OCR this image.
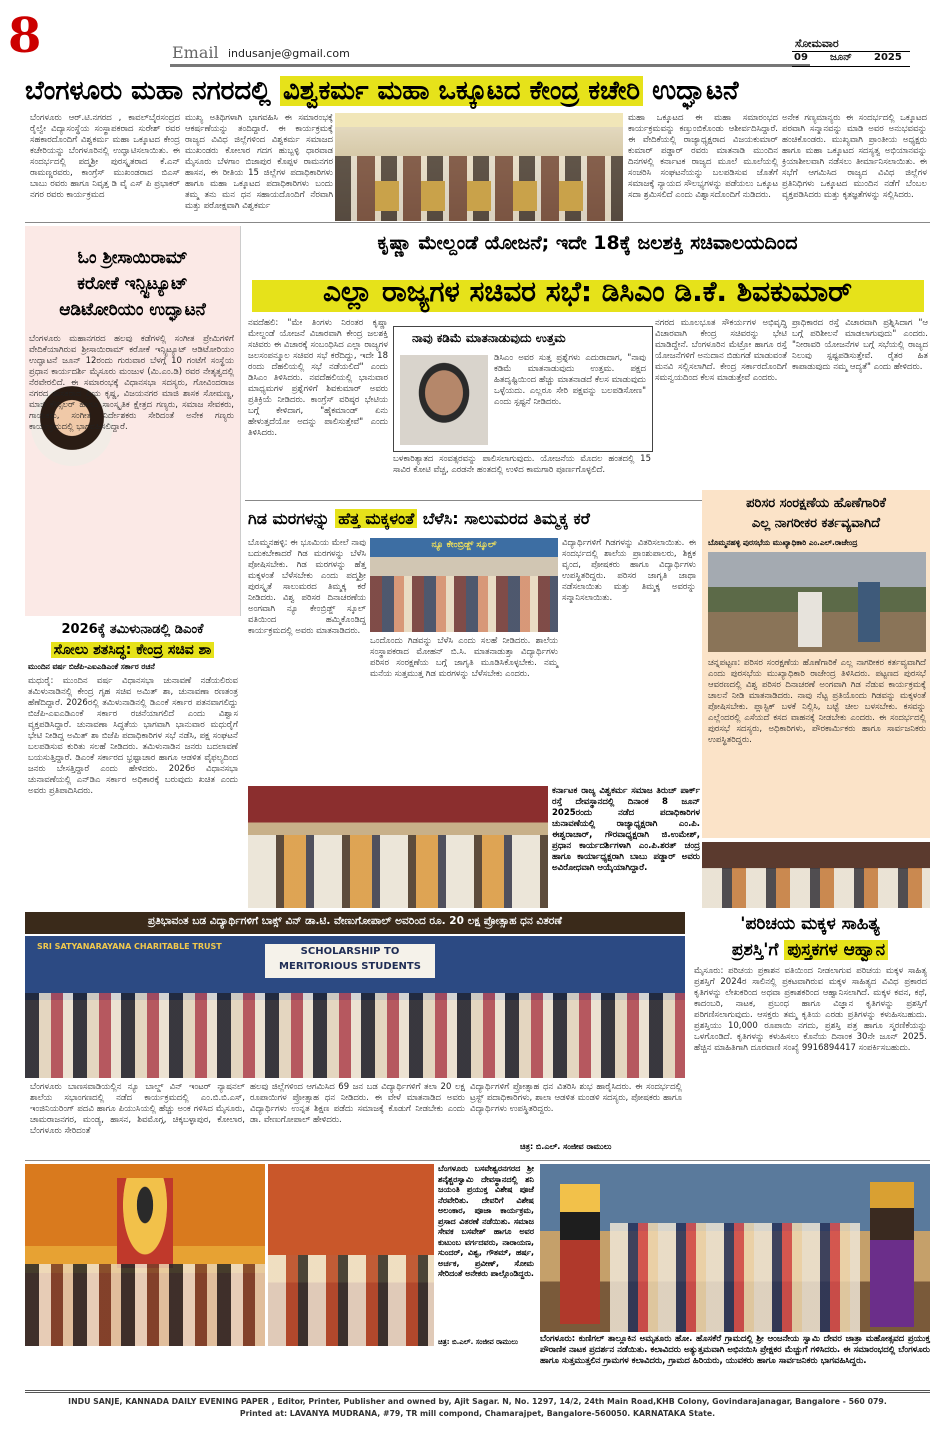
8	Email indusanje@gmail.com
ಸೋಮವಾರ
09 ಜೂನ್ 2025
ಬೆಂಗಳೂರು ಮಹಾ ನಗರದಲ್ಲಿ ವಿಶ್ವಕರ್ಮ ಮಹಾ ಒಕ್ಕೂಟದ ಕೇಂದ್ರ ಕಚೇರಿ ಉದ್ಘಾಟನೆ
ಬೆಂಗಳೂರು ಆರ್.ಟಿ.ನಗರದ , ಕಾವಲ್‌ಬೈರಸಂದ್ರದ ರೈಲ್ವೇ ವಿದ್ಯಾಸಂಸ್ಥೆಯ ಸಂಸ್ಥಾಪಕರಾದ ಸುರೇಶ್ ರವರ ಸಹಕಾರದೊಂದಿಗೆ ವಿಶ್ವಕರ್ಮ ಮಹಾ ಒಕ್ಕೂಟದ ಕೇಂದ್ರ ಕಚೇರಿಯನ್ನು ಬೆಂಗಳೂರಿನಲ್ಲಿ ಉದ್ಘಾಟಿಸಲಾಯಿತು. ಈ ಸಂದರ್ಭದಲ್ಲಿ ಪದ್ಮಶ್ರೀ ಪುರಸ್ಕೃತರಾದ ಕೆ.ಎನ್ ರಾಮಣ್ಣರವರು, ಕಾಂಗ್ರೆಸ್ ಮುಖಂಡರಾದ ಬಿಎಸ್ ಬಾಬು ರವರು ಹಾಗೂ ನಿವೃತ್ತ ಡಿ ವೈ ಎಸ್ ಪಿ ಪ್ರಭಾಕರ್ ನಗರ ರವರು ಕಾರ್ಯಕ್ರಮದ
ಮುಖ್ಯ ಅತಿಥಿಗಳಾಗಿ ಭಾಗವಹಿಸಿ ಈ ಸಮಾರಂಭಕ್ಕೆ ಆಕರ್ಷಣೆಯನ್ನು ತಂದಿದ್ದಾರೆ. ಈ ಕಾರ್ಯಕ್ರಮಕ್ಕೆ ರಾಜ್ಯದ ವಿವಿಧ ಜಿಲ್ಲೆಗಳಿಂದ ವಿಶ್ವಕರ್ಮ ಸಮಾಜದ ಮುಖಂಡರು ಕೋಲಾರ ಗದಗ ಹುಬ್ಬಳ್ಳಿ ಧಾರವಾಡ ಮೈಸೂರು ಬೆಳಗಾಂ ಬಿಜಾಪುರ ಕೊಪ್ಪಳ ರಾಮನಗರ ಹಾಸನ, ಈ ರೀತಿಯ 15 ಜಿಲ್ಲೆಗಳ ಪದಾಧಿಕಾರಿಗಳು ಹಾಗೂ ಮಹಾ ಒಕ್ಕೂಟದ ಪದಾಧಿಕಾರಿಗಳು ಬಂದು ತಮ್ಮ ತನು ಮನ ಧನ ಸಹಾಯದೊಂದಿಗೆ ನೆರವಾಗಿ ಮತ್ತು ಪರೋಕ್ಷವಾಗಿ ವಿಶ್ವಕರ್ಮ
ಮಹಾ ಒಕ್ಕೂಟದ ಈ ಮಹಾ ಸಮಾರಂಭದ ಕಾರ್ಯಕ್ರಮವನ್ನು ಕಣ್ತುಂಬಿಕೊಂಡು ಆಶೀರ್ವದಿಸಿದ್ದಾರೆ. ಈ ವೇದಿಕೆಯಲ್ಲಿ ರಾಜ್ಯಾಧ್ಯಕ್ಷರಾದ ವಿಜಯಕುಮಾರ್ ಕುಮಾರ್ ಪಡ್ಡಾರ್ ರವರು ಮಾತನಾಡಿ ಮುಂದಿನ ದಿನಗಳಲ್ಲಿ ಕರ್ನಾಟಕ ರಾಜ್ಯದ ಮೂಲೆ ಮೂಲೆಯಲ್ಲಿ ಸಂಚರಿಸಿ ಸಂಘಟನೆಯನ್ನು ಬಲಪಡಿಸುವ ಜೊತೆಗೆ ಸಮಾಜಕ್ಕೆ ನ್ಯಾಯದ ಸೌಲಭ್ಯಗಳನ್ನು ಪಡೆಯಲು ಒಕ್ಕೂಟ ಸದಾ ಶ್ರಮಿಸಲಿದೆ ಎಂದು ವಿಶ್ವಾಸದೊಂದಿಗೆ ನುಡಿದರು.
ಅನೇಕ ಗಣ್ಯಮಾನ್ಯರು ಈ ಸಂದರ್ಭದಲ್ಲಿ ಒಕ್ಕೂಟದ ಪರವಾಗಿ ಸನ್ಮಾನವನ್ನು ಮಾಡಿ ಅವರ ಅನುಭವವನ್ನು ಹಂಚಿಕೊಂಡರು. ಮುಖ್ಯವಾಗಿ ಪ್ರಾಂತೀಯ ಅಧ್ಯಕ್ಷರು ಹಾಗೂ ಮಹಾ ಒಕ್ಕೂಟದ ಸದಸ್ಯತ್ವ ಅಭಿಯಾನವನ್ನು ಕ್ರಿಯಾಶೀಲವಾಗಿ ನಡೆಸಲು ತೀರ್ಮಾನಿಸಲಾಯಿತು. ಈ ಸಭೆಗೆ ಆಗಮಿಸಿದ ರಾಜ್ಯದ ವಿವಿಧ ಜಿಲ್ಲೆಗಳ ಪ್ರತಿನಿಧಿಗಳು ಒಕ್ಕೂಟದ ಮುಂದಿನ ನಡೆಗೆ ಬೆಂಬಲ ವ್ಯಕ್ತಪಡಿಸಿದರು ಮತ್ತು ಕೃತಜ್ಞತೆಗಳನ್ನು ಸಲ್ಲಿಸಿದರು.
ಓಂ ಶ್ರೀಸಾಯಿರಾಮ್
ಕರೋಕೆ ಇನ್ಸ್ಟಿಟ್ಯೂಟ್
ಆಡಿಟೋರಿಯಂ ಉದ್ಘಾಟನೆ
ಬೆಂಗಳೂರು ಮಹಾನಗರದ ಹಲವು ಕಡೆಗಳಲ್ಲಿ ಸಂಗೀತ ಪ್ರೇಮಿಗಳಿಗೆ ವೇದಿಕೆಯಾಗಿರುವ ಶ್ರೀಸಾಯಿರಾಮ್ ಕರೋಕೆ ಇನ್ಸ್ಟಿಟ್ಯೂಟ್ ಆಡಿಟೋರಿಯಂ ಉದ್ಘಾಟನೆ ಜೂನ್ 12ರಂದು ಗುರುವಾರ ಬೆಳಗ್ಗೆ 10 ಗಂಟೆಗೆ ಸಂಸ್ಥೆಯ ಪ್ರಧಾನ ಕಾರ್ಯದರ್ಶಿ ಮೈಸೂರು ಮಂಜುಳ (ಮಿ.ಎಂ.ಡಿ) ರವರ ನೇತೃತ್ವದಲ್ಲಿ ನೆರವೇರಲಿದೆ. ಈ ಸಮಾರಂಭಕ್ಕೆ ವಿಧಾನಸಭಾ ಸದಸ್ಯರು, ಗೋವಿಂದರಾಜ ನಗರದ ಶಾಸಕರಾದ ಪ್ರಿಯ ಕೃಷ್ಣ, ವಿಜಯನಗರ ಮಾಜಿ ಶಾಸಕ ಸೋಮಣ್ಣ, ಮಾಜಿ ಕೌನ್ಸಿಲರ್ ಹಾಗೂ ಸಾಂಸ್ಕೃತಿಕ ಕ್ಷೇತ್ರದ ಗಣ್ಯರು, ಸಮಾಜ ಸೇವಕರು, ಗಾಯಕರು, ಸಂಗೀತ ನಿರ್ದೇಶಕರು ಸೇರಿದಂತೆ ಅನೇಕ ಗಣ್ಯರು ಕಾರ್ಯಕ್ರಮದಲ್ಲಿ ಭಾಗವಹಿಸಲಿದ್ದಾರೆ.
ಕೃಷ್ಣಾ ಮೇಲ್ದಂಡೆ ಯೋಜನೆ; ಇದೇ 18ಕ್ಕೆ ಜಲಶಕ್ತಿ ಸಚಿವಾಲಯದಿಂದ
ಎಲ್ಲಾ ರಾಜ್ಯಗಳ ಸಚಿವರ ಸಭೆ: ಡಿಸಿಎಂ ಡಿ.ಕೆ. ಶಿವಕುಮಾರ್
ನವದೆಹಲಿ: "ಮೇ ತಿಂಗಳು ನಿರಂತರ ಕೃಷ್ಣಾ ಮೇಲ್ದಂಡೆ ಯೋಜನೆ ವಿಚಾರವಾಗಿ ಕೇಂದ್ರ ಜಲಶಕ್ತಿ ಸಚಿವರು ಈ ವಿಚಾರಕ್ಕೆ ಸಂಬಂಧಿಸಿದ ಎಲ್ಲಾ ರಾಜ್ಯಗಳ ಜಲಸಂಪನ್ಮೂಲ ಸಚಿವರ ಸಭೆ ಕರೆದಿದ್ದು, ಇದೇ 18 ರಂದು ದೆಹಲಿಯಲ್ಲಿ ಸಭೆ ನಡೆಯಲಿದೆ" ಎಂದು ಡಿಸಿಎಂ ತಿಳಿಸಿದರು. ನವದೆಹಲಿಯಲ್ಲಿ ಭಾನುವಾರ ಮಾಧ್ಯಮಗಳ ಪ್ರಶ್ನೆಗಳಿಗೆ ಶಿವಕುಮಾರ್ ಅವರು ಪ್ರತಿಕ್ರಿಯೆ ನೀಡಿದರು. ಕಾಂಗ್ರೆಸ್ ವರಿಷ್ಠರ ಭೇಟಿಯ ಬಗ್ಗೆ ಕೇಳಿದಾಗ, "ಹೈಕಮಾಂಡ್ ಏನು ಹೇಳುತ್ತದೆಯೋ ಅದನ್ನು ಪಾಲಿಸುತ್ತೇವೆ" ಎಂದು ತಿಳಿಸಿದರು.
ನಾವು ಕಡಿಮೆ ಮಾತನಾಡುವುದು ಉತ್ತಮ
ಡಿಸಿಎಂ ಅವರ ಸುತ್ತ ಪ್ರಶ್ನೆಗಳು ಎದುರಾದಾಗ, "ನಾವು ಕಡಿಮೆ ಮಾತನಾಡುವುದು ಉತ್ತಮ. ಪಕ್ಷದ ಹಿತದೃಷ್ಟಿಯಿಂದ ಹೆಚ್ಚು ಮಾತನಾಡದೆ ಕೆಲಸ ಮಾಡುವುದು ಒಳ್ಳೆಯದು. ಎಲ್ಲರೂ ಸೇರಿ ಪಕ್ಷವನ್ನು ಬಲಪಡಿಸೋಣ" ಎಂದು ಸ್ಪಷ್ಟನೆ ನೀಡಿದರು.
ಬಳಕಾರಿತ್ಯಾತದ ಸಂವತ್ಸರವನ್ನು ಪಾಲಿಸಲಾಗುವುದು. ಯೋಜನೆಯ ಮೊದಲ ಹಂತದಲ್ಲಿ 15 ಸಾವಿರ ಕೋಟಿ ವೆಚ್ಚ, ಎರಡನೇ ಹಂತದಲ್ಲಿ ಉಳಿದ ಕಾಮಗಾರಿ ಪೂರ್ಣಗೊಳ್ಳಲಿದೆ.
ನಗರದ ಮೂಲಭೂತ ಸೌಕರ್ಯಗಳ ಅಭಿವೃದ್ಧಿ ವಿಚಾರವಾಗಿ ಕೇಂದ್ರ ಸಚಿವರನ್ನು ಭೇಟಿ ಮಾಡಿದ್ದೇನೆ. ಬೆಂಗಳೂರಿನ ಮೆಟ್ರೋ ಹಾಗೂ ರಸ್ತೆ ಯೋಜನೆಗಳಿಗೆ ಅನುದಾನ ಬಿಡುಗಡೆ ಮಾಡುವಂತೆ ಮನವಿ ಸಲ್ಲಿಸಲಾಗಿದೆ. ಕೇಂದ್ರ ಸರ್ಕಾರದೊಂದಿಗೆ ಸಮನ್ವಯದಿಂದ ಕೆಲಸ ಮಾಡುತ್ತೇವೆ ಎಂದರು.
ಪ್ರಾಧಿಕಾರದ ರಸ್ತೆ ವಿಚಾರವಾಗಿ ಪ್ರಶ್ನಿಸಿದಾಗ "ಆ ಬಗ್ಗೆ ಪರಿಶೀಲನೆ ಮಾಡಲಾಗುವುದು" ಎಂದರು. "ನೀರಾವರಿ ಯೋಜನೆಗಳ ಬಗ್ಗೆ ಸಭೆಯಲ್ಲಿ ರಾಜ್ಯದ ನಿಲುವು ಸ್ಪಷ್ಟಪಡಿಸುತ್ತೇವೆ. ರೈತರ ಹಿತ ಕಾಪಾಡುವುದು ನಮ್ಮ ಆದ್ಯತೆ" ಎಂದು ಹೇಳಿದರು.
ಗಿಡ ಮರಗಳನ್ನು ಹೆತ್ತ ಮಕ್ಕಳಂತೆ ಬೆಳೆಸಿ: ಸಾಲುಮರದ ತಿಮ್ಮಕ್ಕ ಕರೆ
ಬೊಮ್ಮನಹಳ್ಳಿ: ಈ ಭೂಮಿಯ ಮೇಲೆ ನಾವು ಬದುಕಬೇಕಾದರೆ ಗಿಡ ಮರಗಳನ್ನು ಬೆಳೆಸಿ ಪೋಷಿಸಬೇಕು. ಗಿಡ ಮರಗಳನ್ನು ಹೆತ್ತ ಮಕ್ಕಳಂತೆ ಬೆಳೆಸಬೇಕು ಎಂದು ಪದ್ಮಶ್ರೀ ಪುರಸ್ಕೃತೆ ಸಾಲುಮರದ ತಿಮ್ಮಕ್ಕ ಕರೆ ನೀಡಿದರು. ವಿಶ್ವ ಪರಿಸರ ದಿನಾಚರಣೆಯ ಅಂಗವಾಗಿ ನ್ಯೂ ಕೇಂಬ್ರಿಡ್ಜ್ ಸ್ಕೂಲ್ ವತಿಯಿಂದ ಹಮ್ಮಿಕೊಂಡಿದ್ದ ಕಾರ್ಯಕ್ರಮದಲ್ಲಿ ಅವರು ಮಾತನಾಡಿದರು.
ನ್ಯೂ ಕೇಂಬ್ರಿಡ್ಜ್ ಸ್ಕೂಲ್
ಒಂದೊಂದು ಗಿಡವನ್ನು ಬೆಳೆಸಿ ಎಂದು ಸಲಹೆ ನೀಡಿದರು. ಶಾಲೆಯ ಸಂಸ್ಥಾಪಕರಾದ ಮೋಹನ್ ಬಿ.ಸಿ. ಮಾತನಾಡುತ್ತಾ ವಿದ್ಯಾರ್ಥಿಗಳು ಪರಿಸರ ಸಂರಕ್ಷಣೆಯ ಬಗ್ಗೆ ಜಾಗೃತಿ ಮೂಡಿಸಿಕೊಳ್ಳಬೇಕು. ನಮ್ಮ ಮನೆಯ ಸುತ್ತಮುತ್ತ ಗಿಡ ಮರಗಳನ್ನು ಬೆಳೆಸಬೇಕು ಎಂದರು.
ವಿದ್ಯಾರ್ಥಿಗಳಿಗೆ ಗಿಡಗಳನ್ನು ವಿತರಿಸಲಾಯಿತು. ಈ ಸಂದರ್ಭದಲ್ಲಿ ಶಾಲೆಯ ಪ್ರಾಂಶುಪಾಲರು, ಶಿಕ್ಷಕ ವೃಂದ, ಪೋಷಕರು ಹಾಗೂ ವಿದ್ಯಾರ್ಥಿಗಳು ಉಪಸ್ಥಿತರಿದ್ದರು. ಪರಿಸರ ಜಾಗೃತಿ ಜಾಥಾ ನಡೆಸಲಾಯಿತು ಮತ್ತು ತಿಮ್ಮಕ್ಕ ಅವರನ್ನು ಸನ್ಮಾನಿಸಲಾಯಿತು.
ಪರಿಸರ ಸಂರಕ್ಷಣೆಯ ಹೊಣೆಗಾರಿಕೆ
ಎಲ್ಲ ನಾಗರೀಕರ ಕರ್ತವ್ಯವಾಗಿದೆ
ಬೊಮ್ಮನಹಳ್ಳಿ ಪುರಸಭೆಯ ಮುಖ್ಯಾಧಿಕಾರಿ ಎಂ.ಎಲ್.ರಾಜೇಂದ್ರ
ಚನ್ನಪಟ್ಟಣ: ಪರಿಸರ ಸಂರಕ್ಷಣೆಯ ಹೊಣೆಗಾರಿಕೆ ಎಲ್ಲ ನಾಗರೀಕರ ಕರ್ತವ್ಯವಾಗಿದೆ ಎಂದು ಪುರಸಭೆಯ ಮುಖ್ಯಾಧಿಕಾರಿ ರಾಜೇಂದ್ರ ತಿಳಿಸಿದರು. ಪಟ್ಟಣದ ಪುರಸಭೆ ಆವರಣದಲ್ಲಿ ವಿಶ್ವ ಪರಿಸರ ದಿನಾಚರಣೆ ಅಂಗವಾಗಿ ಗಿಡ ನೆಡುವ ಕಾರ್ಯಕ್ರಮಕ್ಕೆ ಚಾಲನೆ ನೀಡಿ ಮಾತನಾಡಿದರು. ನಾವು ನೆಟ್ಟ ಪ್ರತಿಯೊಂದು ಗಿಡವನ್ನು ಮಕ್ಕಳಂತೆ ಪೋಷಿಸಬೇಕು. ಪ್ಲಾಸ್ಟಿಕ್ ಬಳಕೆ ನಿಲ್ಲಿಸಿ, ಬಟ್ಟೆ ಚೀಲ ಬಳಸಬೇಕು. ಕಸವನ್ನು ಎಲ್ಲೆಂದರಲ್ಲಿ ಎಸೆಯದೆ ಕಸದ ವಾಹನಕ್ಕೆ ನೀಡಬೇಕು ಎಂದರು. ಈ ಸಂದರ್ಭದಲ್ಲಿ ಪುರಸಭೆ ಸದಸ್ಯರು, ಅಧಿಕಾರಿಗಳು, ಪೌರಕಾರ್ಮಿಕರು ಹಾಗೂ ಸಾರ್ವಜನಿಕರು ಉಪಸ್ಥಿತರಿದ್ದರು.
2026ಕ್ಕೆ ತಮಿಳುನಾಡಲ್ಲಿ ಡಿಎಂಕೆ
ಸೋಲು ಶತಸಿದ್ಧ: ಕೇಂದ್ರ ಸಚಿವ ಶಾ
ಮುಂದಿನ ವರ್ಷ ಬಿಜೆಪಿ-ಎಐಎಡಿಎಂಕೆ ಸರ್ಕಾರ ರಚನೆ
ಮಧುರೈ: ಮುಂದಿನ ವರ್ಷ ವಿಧಾನಸಭಾ ಚುನಾವಣೆ ನಡೆಯಲಿರುವ ತಮಿಳುನಾಡಿನಲ್ಲಿ ಕೇಂದ್ರ ಗೃಹ ಸಚಿವ ಅಮಿತ್ ಶಾ, ಚುನಾವಣಾ ರಣತಂತ್ರ ಹೆಣೆದಿದ್ದಾರೆ. 2026ರಲ್ಲಿ ತಮಿಳುನಾಡಿನಲ್ಲಿ ಡಿಎಂಕೆ ಸರ್ಕಾರ ಪತನವಾಗಲಿದ್ದು ಬಿಜೆಪಿ-ಎಐಎಡಿಎಂಕೆ ಸರ್ಕಾರ ರಚನೆಯಾಗಲಿದೆ ಎಂದು ವಿಶ್ವಾಸ ವ್ಯಕ್ತಪಡಿಸಿದ್ದಾರೆ. ಚುನಾವಣಾ ಸಿದ್ಧತೆಯ ಭಾಗವಾಗಿ ಭಾನುವಾರ ಮಧುರೈಗೆ ಭೇಟಿ ನೀಡಿದ್ದ ಅಮಿತ್ ಶಾ ಬಿಜೆಪಿ ಪದಾಧಿಕಾರಿಗಳ ಸಭೆ ನಡೆಸಿ, ಪಕ್ಷ ಸಂಘಟನೆ ಬಲಪಡಿಸುವ ಕುರಿತು ಸಲಹೆ ನೀಡಿದರು. ತಮಿಳುನಾಡಿನ ಜನರು ಬದಲಾವಣೆ ಬಯಸುತ್ತಿದ್ದಾರೆ. ಡಿಎಂಕೆ ಸರ್ಕಾರದ ಭ್ರಷ್ಟಾಚಾರ ಹಾಗೂ ಆಡಳಿತ ವೈಫಲ್ಯದಿಂದ ಜನರು ಬೇಸತ್ತಿದ್ದಾರೆ ಎಂದು ಹೇಳಿದರು. 2026ರ ವಿಧಾನಸಭಾ ಚುನಾವಣೆಯಲ್ಲಿ ಎನ್‌ಡಿಎ ಸರ್ಕಾರ ಅಧಿಕಾರಕ್ಕೆ ಬರುವುದು ಖಚಿತ ಎಂದು ಅವರು ಪ್ರತಿಪಾದಿಸಿದರು.	ಕರ್ನಾಟಕ ರಾಜ್ಯ ವಿಶ್ವಕರ್ಮ ಸಮಾಜ ತಿರುಚ್ ಪಾರ್ಕ್ ರಸ್ತೆ ದೇವಸ್ಥಾನದಲ್ಲಿ ದಿನಾಂಕ 8 ಜೂನ್ 2025ರಂದು ನಡೆದ ಪದಾಧಿಕಾರಿಗಳ ಚುನಾವಣೆಯಲ್ಲಿ ರಾಜ್ಯಾಧ್ಯಕ್ಷರಾಗಿ ಎಂ.ಪಿ. ಈಶ್ವರಾಚಾರ್, ಗೌರವಾಧ್ಯಕ್ಷರಾಗಿ ಜಿ.ಉಮೇಶ್, ಪ್ರಧಾನ ಕಾರ್ಯದರ್ಶಿಗಳಾಗಿ ಎಂ.ಪಿ.ಶರತ್ ಚಂದ್ರ ಹಾಗೂ ಕಾರ್ಯಾಧ್ಯಕ್ಷರಾಗಿ ಬಾಬು ಪಡ್ಡಾರ್ ಅವರು ಅವಿರೋಧವಾಗಿ ಆಯ್ಕೆಯಾಗಿದ್ದಾರೆ.
ಪ್ರತಿಭಾವಂತ ಬಡ ವಿದ್ಯಾರ್ಥಿಗಳಿಗೆ ಬಾಕ್ಸ್ ವಿನ್ ಡಾ.ಟಿ. ವೇಣುಗೋಪಾಲ್ ಅವರಿಂದ ರೂ. 20 ಲಕ್ಷ ಪ್ರೋತ್ಸಾಹ ಧನ ವಿತರಣೆ
SRI SATYANARAYANA CHARITABLE TRUST	SCHOLARSHIP TO MERITORIOUS STUDENTS
ಬೆಂಗಳೂರು ಬಾಣಸವಾಡಿಯಲ್ಲಿನ ನ್ಯೂ ಬಾಲ್ಡ್ ವಿನ್ ಇಂಟರ್ ನ್ಯಾಷನಲ್ ಶಾಲೆಯ ಸಭಾಂಗಣದಲ್ಲಿ ನಡೆದ ಕಾರ್ಯಕ್ರಮದಲ್ಲಿ ಎಂ.ಬಿ.ಬಿ.ಎಸ್, ಇಂಜಿನಿಯರಿಂಗ್ ಪದವಿ ಹಾಗೂ ಪಿಯುಸಿಯಲ್ಲಿ ಹೆಚ್ಚು ಅಂಕ ಗಳಿಸಿದ ಮೈಸೂರು, ಚಾಮರಾಜನಗರ, ಮಂಡ್ಯ, ಹಾಸನ, ಶಿವಮೊಗ್ಗ, ಚಿಕ್ಕಬಳ್ಳಾಪುರ, ಕೋಲಾರ, ಬೆಂಗಳೂರು ಸೇರಿದಂತೆ
ಹಲವು ಜಿಲ್ಲೆಗಳಿಂದ ಆಗಮಿಸಿದ 69 ಜನ ಬಡ ವಿದ್ಯಾರ್ಥಿಗಳಿಗೆ ತಲಾ 20 ಲಕ್ಷ ರೂಪಾಯಿಗಳ ಪ್ರೋತ್ಸಾಹ ಧನ ನೀಡಿದರು. ಈ ವೇಳೆ ಮಾತನಾಡಿದ ಅವರು ವಿದ್ಯಾರ್ಥಿಗಳು ಉನ್ನತ ಶಿಕ್ಷಣ ಪಡೆದು ಸಮಾಜಕ್ಕೆ ಕೊಡುಗೆ ನೀಡಬೇಕು ಎಂದು ಡಾ. ವೇಣುಗೋಪಾಲ್ ಹೇಳಿದರು.
ವಿದ್ಯಾರ್ಥಿಗಳಿಗೆ ಪ್ರೋತ್ಸಾಹ ಧನ ವಿತರಿಸಿ ಶುಭ ಹಾರೈಸಿದರು. ಈ ಸಂದರ್ಭದಲ್ಲಿ ಟ್ರಸ್ಟ್ ಪದಾಧಿಕಾರಿಗಳು, ಶಾಲಾ ಆಡಳಿತ ಮಂಡಳಿ ಸದಸ್ಯರು, ಪೋಷಕರು ಹಾಗೂ ವಿದ್ಯಾರ್ಥಿಗಳು ಉಪಸ್ಥಿತರಿದ್ದರು.
ಚಿತ್ರ: ಬಿ.ಎಲ್. ಸಂಜೀವ ರಾಮುಲು
'ಪರಿಚಯ ಮಕ್ಕಳ ಸಾಹಿತ್ಯ
ಪ್ರಶಸ್ತಿ'ಗೆ ಪುಸ್ತಕಗಳ ಆಹ್ವಾನ
ಮೈಸೂರು: ಪರಿಚಯ ಪ್ರಕಾಶನ ವತಿಯಿಂದ ನೀಡಲಾಗುವ ಪರಿಚಯ ಮಕ್ಕಳ ಸಾಹಿತ್ಯ ಪ್ರಶಸ್ತಿಗೆ 2024ರ ಸಾಲಿನಲ್ಲಿ ಪ್ರಕಟವಾಗಿರುವ ಮಕ್ಕಳ ಸಾಹಿತ್ಯದ ವಿವಿಧ ಪ್ರಕಾರದ ಕೃತಿಗಳನ್ನು ಲೇಖಕರಿಂದ ಅಥವಾ ಪ್ರಕಾಶಕರಿಂದ ಆಹ್ವಾನಿಸಲಾಗಿದೆ. ಮಕ್ಕಳ ಕವನ, ಕಥೆ, ಕಾದಂಬರಿ, ನಾಟಕ, ಪ್ರಬಂಧ ಹಾಗೂ ವಿಜ್ಞಾನ ಕೃತಿಗಳನ್ನು ಪ್ರಶಸ್ತಿಗೆ ಪರಿಗಣಿಸಲಾಗುವುದು. ಆಸಕ್ತರು ತಮ್ಮ ಕೃತಿಯ ಎರಡು ಪ್ರತಿಗಳನ್ನು ಕಳುಹಿಸಬಹುದು. ಪ್ರಶಸ್ತಿಯು 10,000 ರೂಪಾಯಿ ನಗದು, ಪ್ರಶಸ್ತಿ ಪತ್ರ ಹಾಗೂ ಸ್ಮರಣಿಕೆಯನ್ನು ಒಳಗೊಂಡಿದೆ. ಕೃತಿಗಳನ್ನು ಕಳುಹಿಸಲು ಕೊನೆಯ ದಿನಾಂಕ 30ನೇ ಜೂನ್ 2025. ಹೆಚ್ಚಿನ ಮಾಹಿತಿಗಾಗಿ ದೂರವಾಣಿ ಸಂಖ್ಯೆ 9916894417 ಸಂಪರ್ಕಿಸಬಹುದು.
ಬೆಂಗಳೂರು ಬಸವೇಶ್ವರನಗರದ ಶ್ರೀ ಶನೈಶ್ಚರಸ್ವಾಮಿ ದೇವಸ್ಥಾನದಲ್ಲಿ ಶನಿ ಜಯಂತಿ ಪ್ರಯುಕ್ತ ವಿಶೇಷ ಪೂಜೆ ನೆರವೇರಿತು. ದೇವರಿಗೆ ವಿಶೇಷ ಅಲಂಕಾರ, ಪೂಜಾ ಕಾರ್ಯಕ್ರಮ, ಪ್ರಸಾದ ವಿತರಣೆ ನಡೆಯಿತು. ಸಮಾಜ ಸೇವಕ ಬಸವೇಶ್ ಹಾಗೂ ಅವರ ಕುಟುಂಬ ವರ್ಗದವರು, ನಾರಾಯಣ, ಸುಂದರ್, ವಿಶ್ವ, ಗೌತಮ್, ಹರ್ಷ, ಅರ್ಚಕ, ಪ್ರವೀಣ್, ಸೋಮ ಸೇರಿದಂತೆ ಅನೇಕರು ಪಾಲ್ಗೊಂಡಿದ್ದರು.
ಚಿತ್ರ: ಬಿ.ಎಲ್. ಸಂಜೀವ ರಾಮುಲು	ಬೆಂಗಳೂರು: ಕುಣಿಗಲ್ ತಾಲ್ಲೂಕಿನ ಅಮೃತೂರು ಹೋ. ಹೊಸಕೆರೆ ಗ್ರಾಮದಲ್ಲಿ ಶ್ರೀ ಆಂಜನೇಯ ಸ್ವಾಮಿ ದೇವರ ಜಾತ್ರಾ ಮಹೋತ್ಸವದ ಪ್ರಯುಕ್ತ ಪೌರಾಣಿಕ ನಾಟಕ ಪ್ರದರ್ಶನ ನಡೆಯಿತು. ಕಲಾವಿದರು ಅತ್ಯುತ್ತಮವಾಗಿ ಅಭಿನಯಿಸಿ ಪ್ರೇಕ್ಷಕರ ಮೆಚ್ಚುಗೆ ಗಳಿಸಿದರು. ಈ ಸಮಾರಂಭದಲ್ಲಿ ಬೆಂಗಳೂರು ಹಾಗೂ ಸುತ್ತಮುತ್ತಲಿನ ಗ್ರಾಮಗಳ ಕಲಾವಿದರು, ಗ್ರಾಮದ ಹಿರಿಯರು, ಯುವಕರು ಹಾಗೂ ಸಾರ್ವಜನಿಕರು ಭಾಗವಹಿಸಿದ್ದರು.
INDU SANJE, KANNADA DAILY EVENING PAPER , Editor, Printer, Publisher and owned by, Ajit Sagar. N, No. 1297, 14/2, 24th Main Road,KHB Colony, Govindarajanagar, Bangalore - 560 079.
Printed at: LAVANYA MUDRANA, #79, TR mill compond, Chamarajpet, Bangalore-560050. KARNATAKA State.
